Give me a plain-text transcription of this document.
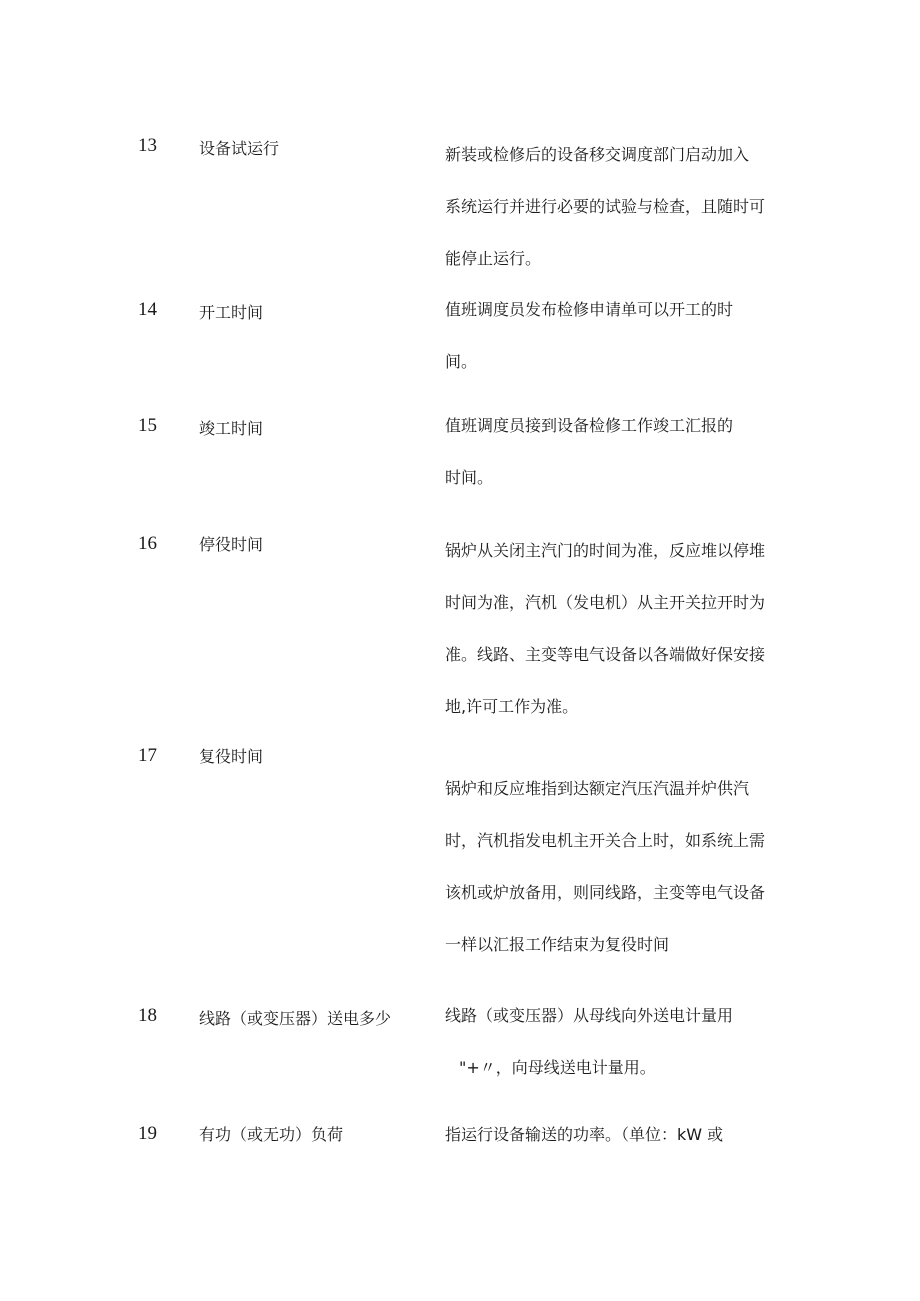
13	设备试运行	新装或检修后的设备移交调度部门启动加入
系统运行并进行必要的试验与检查，且随时可
能停止运行。

14	开工时间	值班调度员发布检修申请单可以开工的时
间。

15	竣工时间	值班调度员接到设备检修工作竣工汇报的
时间。

16	停役时间	锅炉从关闭主汽门的时间为准，反应堆以停堆
时间为准，汽机（发电机）从主开关拉开时为
准。线路、主变等电气设备以各端做好保安接
地,许可工作为准。

17	复役时间

锅炉和反应堆指到达额定汽压汽温并炉供汽
时，汽机指发电机主开关合上时，如系统上需
该机或炉放备用，则同线路，主变等电气设备
一样以汇报工作结束为复役时间

18	线路（或变压器）送电多少	线路（或变压器）从母线向外送电计量用
"+〃，向母线送电计量用。

19	有功（或无功）负荷	指运行设备输送的功率。（单位：kW 或
